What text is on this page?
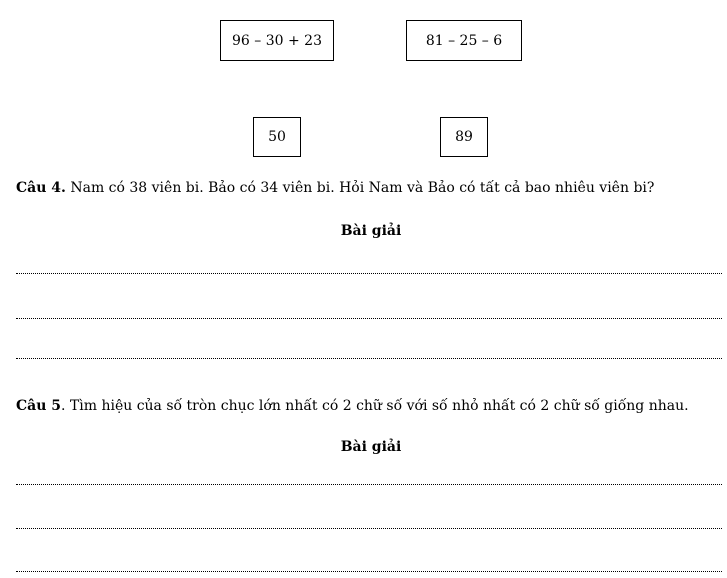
96 – 30 + 23	81 – 25 – 6
50	89
Câu 4. Nam có 38 viên bi. Bảo có 34 viên bi. Hỏi Nam và Bảo có tất cả bao nhiêu viên bi?
Bài giải
Câu 5. Tìm hiệu của số tròn chục lớn nhất có 2 chữ số với số nhỏ nhất có 2 chữ số giống nhau.
Bài giải
